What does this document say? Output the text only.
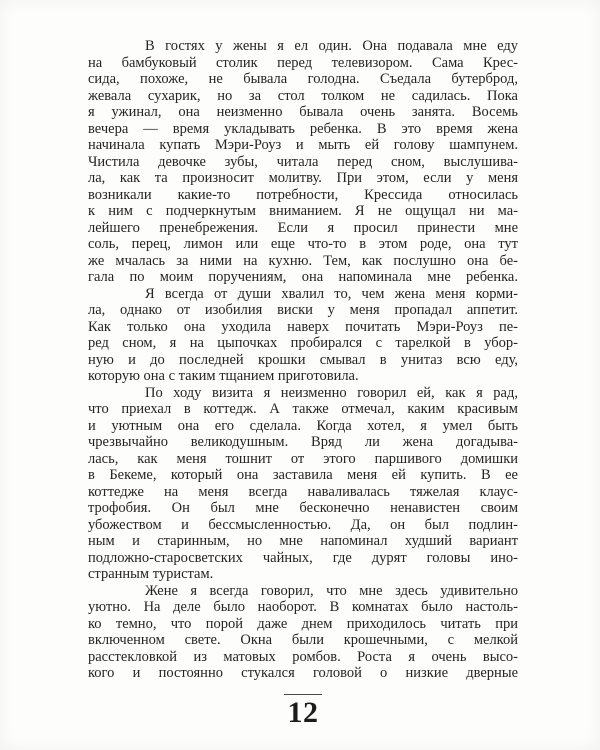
В гостях у жены я ел один. Она подавала мне еду
на бамбуковый столик перед телевизором. Сама Крес-
сида, похоже, не бывала голодна. Съедала бутерброд,
жевала сухарик, но за стол толком не садилась. Пока
я ужинал, она неизменно бывала очень занята. Восемь
вечера — время укладывать ребенка. В это время жена
начинала купать Мэри-Роуз и мыть ей голову шампунем.
Чистила девочке зубы, читала перед сном, выслушива-
ла, как та произносит молитву. При этом, если у меня
возникали какие-то потребности, Крессида относилась
к ним с подчеркнутым вниманием. Я не ощущал ни ма-
лейшего пренебрежения. Если я просил принести мне
соль, перец, лимон или еще что-то в этом роде, она тут
же мчалась за ними на кухню. Тем, как послушно она бе-
гала по моим поручениям, она напоминала мне ребенка.
Я всегда от души хвалил то, чем жена меня корми-
ла, однако от изобилия виски у меня пропадал аппетит.
Как только она уходила наверх почитать Мэри-Роуз пе-
ред сном, я на цыпочках пробирался с тарелкой в убор-
ную и до последней крошки смывал в унитаз всю еду,
которую она с таким тщанием приготовила.
По ходу визита я неизменно говорил ей, как я рад,
что приехал в коттедж. А также отмечал, каким красивым
и уютным она его сделала. Когда хотел, я умел быть
чрезвычайно великодушным. Вряд ли жена догадыва-
лась, как меня тошнит от этого паршивого домишки
в Бекеме, который она заставила меня ей купить. В ее
коттедже на меня всегда наваливалась тяжелая клаус-
трофобия. Он был мне бесконечно ненавистен своим
убожеством и бессмысленностью. Да, он был подлин-
ным и старинным, но мне напоминал худший вариант
подложно-старосветских чайных, где дурят головы ино-
странным туристам.
Жене я всегда говорил, что мне здесь удивительно
уютно. На деле было наоборот. В комнатах было настоль-
ко темно, что порой даже днем приходилось читать при
включенном свете. Окна были крошечными, с мелкой
расстекловкой из матовых ромбов. Роста я очень высо-
кого и постоянно стукался головой о низкие дверные
12
